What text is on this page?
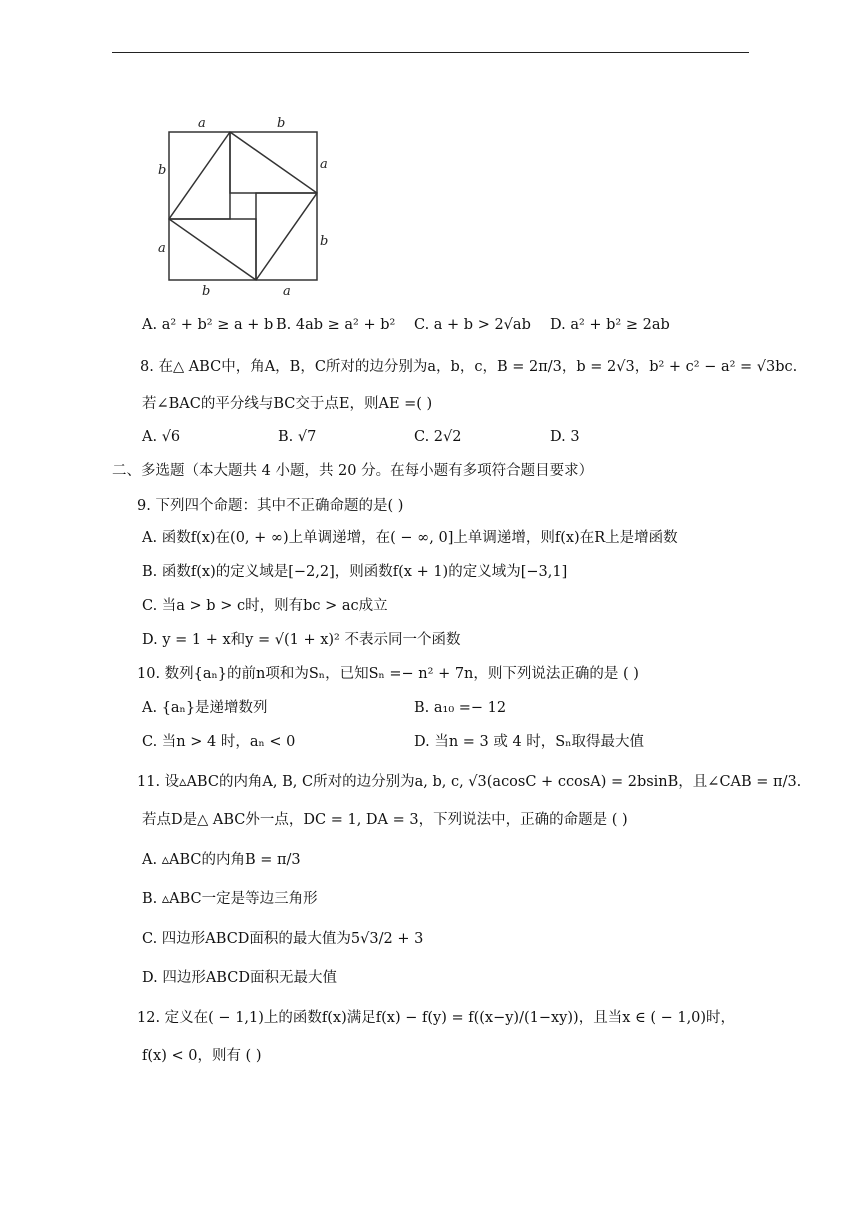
a	b
a
b
b
a
b	a
A. a² + b² ≥ a + b B. 4ab ≥ a² + b² C. a + b > 2√ab D. a² + b² ≥ 2ab
8. 在△ ABC中，角A，B，C所对的边分别为a，b，c，B = 2π/3，b = 2√3，b² + c² − a² = √3bc.
若∠BAC的平分线与BC交于点E，则AE =( )
A. √6	B. √7	C. 2√2	D. 3
二、多选题（本大题共 4 小题，共 20 分。在每小题有多项符合题目要求）
9. 下列四个命题：其中不正确命题的是( )
A. 函数f(x)在(0, + ∞)上单调递增，在( − ∞, 0]上单调递增，则f(x)在R上是增函数
B. 函数f(x)的定义域是[−2,2]，则函数f(x + 1)的定义域为[−3,1]
C. 当a > b > c时，则有bc > ac成立
D. y = 1 + x和y = √(1 + x)² 不表示同一个函数
10. 数列{aₙ}的前n项和为Sₙ，已知Sₙ =− n² + 7n，则下列说法正确的是 ( )
A. {aₙ}是递增数列	B. a₁₀ =− 12
C. 当n > 4 时，aₙ < 0	D. 当n = 3 或 4 时，Sₙ取得最大值
11. 设▵ABC的内角A, B, C所对的边分别为a, b, c, √3(acosC + ccosA) = 2bsinB，且∠CAB = π/3.
若点D是△ ABC外一点，DC = 1, DA = 3，下列说法中，正确的命题是 ( )
A. ▵ABC的内角B = π/3
B. ▵ABC一定是等边三角形
C. 四边形ABCD面积的最大值为5√3/2 + 3
D. 四边形ABCD面积无最大值
12. 定义在( − 1,1)上的函数f(x)满足f(x) − f(y) = f((x−y)/(1−xy))，且当x ∈ ( − 1,0)时，
f(x) < 0，则有 ( )
